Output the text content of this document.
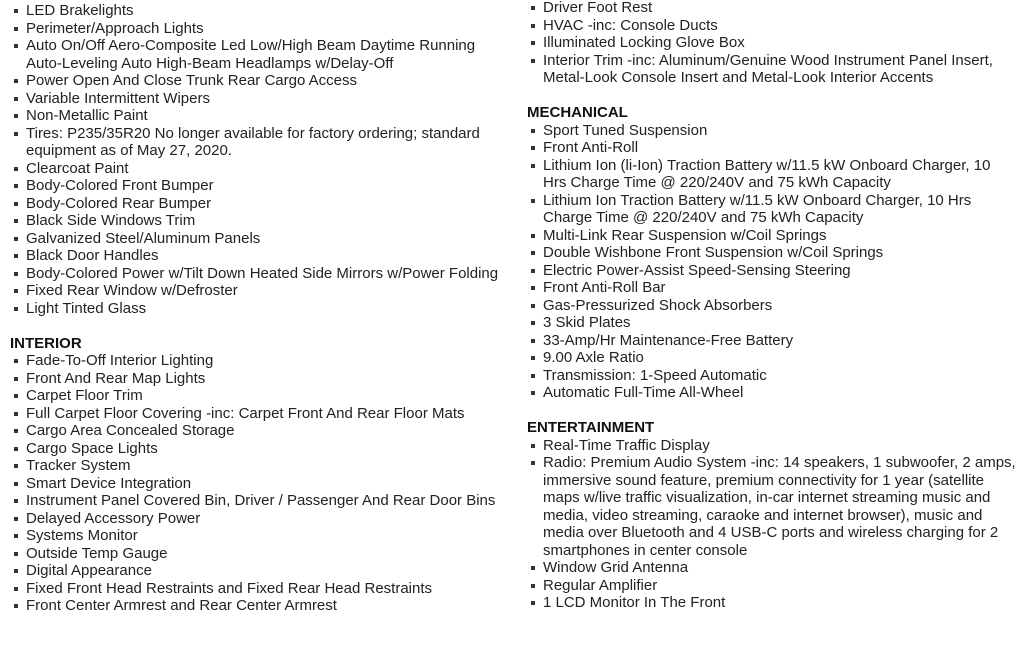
LED Brakelights
Perimeter/Approach Lights
Auto On/Off Aero-Composite Led Low/High Beam Daytime Running Auto-Leveling Auto High-Beam Headlamps w/Delay-Off
Power Open And Close Trunk Rear Cargo Access
Variable Intermittent Wipers
Non-Metallic Paint
Tires: P235/35R20 No longer available for factory ordering; standard equipment as of May 27, 2020.
Clearcoat Paint
Body-Colored Front Bumper
Body-Colored Rear Bumper
Black Side Windows Trim
Galvanized Steel/Aluminum Panels
Black Door Handles
Body-Colored Power w/Tilt Down Heated Side Mirrors w/Power Folding
Fixed Rear Window w/Defroster
Light Tinted Glass
INTERIOR
Fade-To-Off Interior Lighting
Front And Rear Map Lights
Carpet Floor Trim
Full Carpet Floor Covering -inc: Carpet Front And Rear Floor Mats
Cargo Area Concealed Storage
Cargo Space Lights
Tracker System
Smart Device Integration
Instrument Panel Covered Bin, Driver / Passenger And Rear Door Bins
Delayed Accessory Power
Systems Monitor
Outside Temp Gauge
Digital Appearance
Fixed Front Head Restraints and Fixed Rear Head Restraints
Front Center Armrest and Rear Center Armrest
Driver Foot Rest
HVAC -inc: Console Ducts
Illuminated Locking Glove Box
Interior Trim -inc: Aluminum/Genuine Wood Instrument Panel Insert, Metal-Look Console Insert and Metal-Look Interior Accents
MECHANICAL
Sport Tuned Suspension
Front Anti-Roll
Lithium Ion (li-Ion) Traction Battery w/11.5 kW Onboard Charger, 10 Hrs Charge Time @ 220/240V and 75 kWh Capacity
Lithium Ion Traction Battery w/11.5 kW Onboard Charger, 10 Hrs Charge Time @ 220/240V and 75 kWh Capacity
Multi-Link Rear Suspension w/Coil Springs
Double Wishbone Front Suspension w/Coil Springs
Electric Power-Assist Speed-Sensing Steering
Front Anti-Roll Bar
Gas-Pressurized Shock Absorbers
3 Skid Plates
33-Amp/Hr Maintenance-Free Battery
9.00 Axle Ratio
Transmission: 1-Speed Automatic
Automatic Full-Time All-Wheel
ENTERTAINMENT
Real-Time Traffic Display
Radio: Premium Audio System -inc: 14 speakers, 1 subwoofer, 2 amps, immersive sound feature, premium connectivity for 1 year (satellite maps w/live traffic visualization, in-car internet streaming music and media, video streaming, caraoke and internet browser), music and media over Bluetooth and 4 USB-C ports and wireless charging for 2 smartphones in center console
Window Grid Antenna
Regular Amplifier
1 LCD Monitor In The Front
